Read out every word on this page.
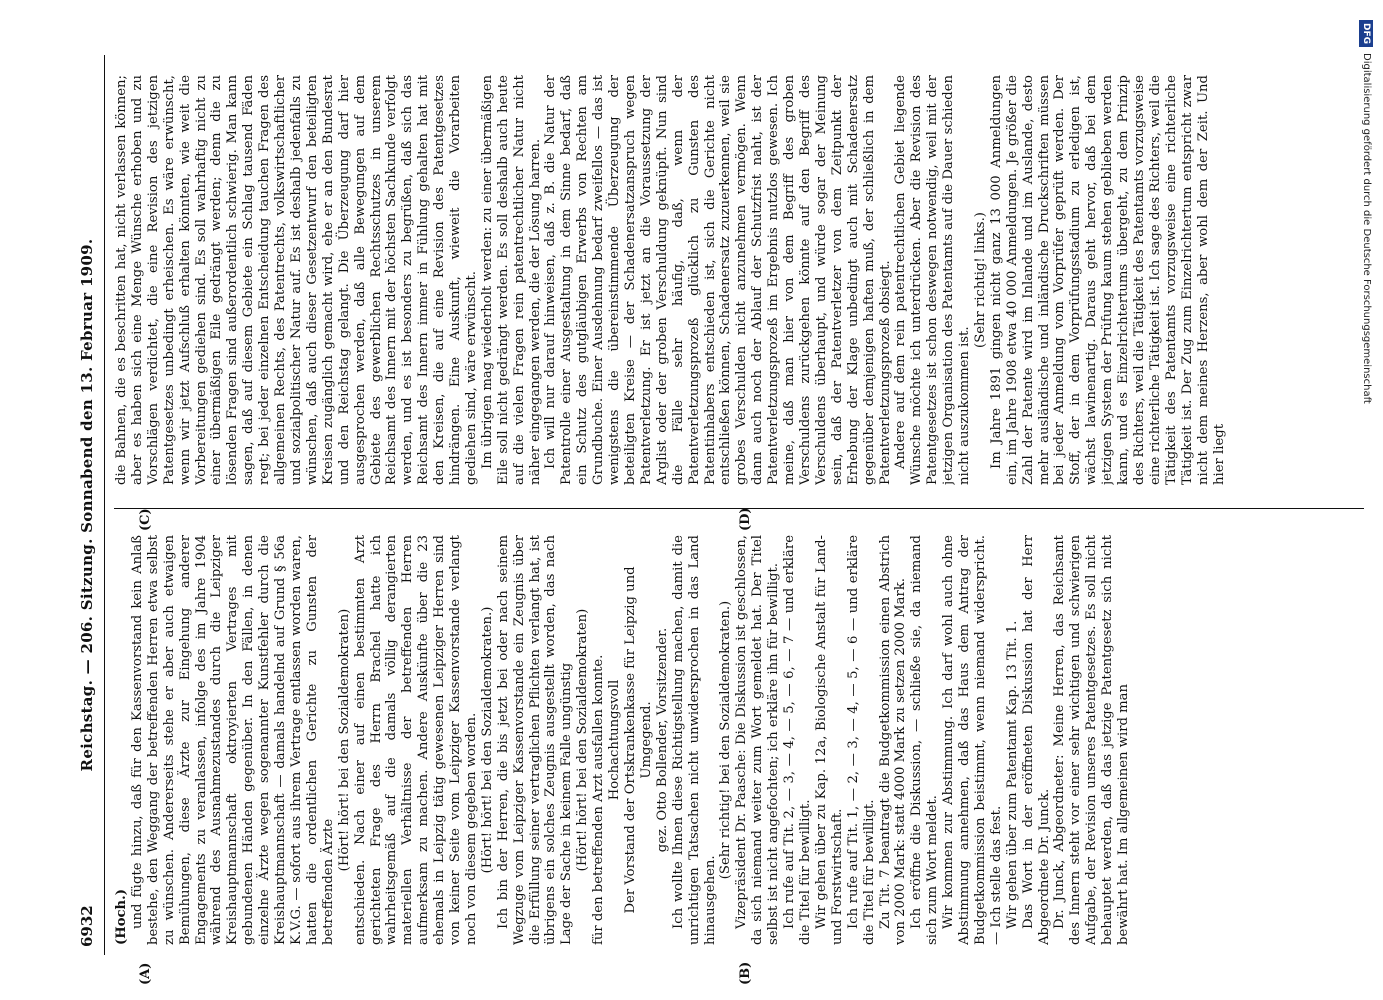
6932
Reichstag. — 206. Sitzung. Sonnabend den 13. Februar 1909.
(A)	(B)
(C)	(D)

(Hoch.) und fügte hinzu, daß für den Kassenvorstand kein Anlaß bestehe, den Weggang der betreffenden Herren etwa selbst zu wünschen. Andererseits stehe er aber auch etwaigen Bemühungen, diese Ärzte zur Eingehung anderer Engagements zu veranlassen, infolge des im Jahre 1904 während des Ausnahmezustandes durch die Leipziger Kreishauptmannschaft oktroyierten Vertrages mit gebundenen Händen gegenüber. In den Fällen, in denen einzelne Ärzte wegen sogenannter Kunstfehler durch die Kreishauptmannschaft — damals handelnd auf Grund § 56a K.V.G. — sofort aus ihrem Vertrage entlassen worden waren, hatten die ordentlichen Gerichte zu Gunsten der betreffenden Ärzte

(Hört! hört! bei den Sozialdemokraten) entschieden. Nach einer auf einen bestimmten Arzt gerichteten Frage des Herrn Brachel hatte ich wahrheitsgemäß auf die damals völlig derangierten materiellen Verhältnisse der betreffenden Herren aufmerksam zu machen. Andere Auskünfte über die 23 ehemals in Leipzig tätig gewesenen Leipziger Herren sind von keiner Seite vom Leipziger Kassenvorstande verlangt noch von diesem gegeben worden. (Hört! hört! bei den Sozialdemokraten.) Ich bin der Herren, die bis jetzt bei oder nach seinem Wegzuge vom Leipziger Kassenvorstande ein Zeugnis über die Erfüllung seiner vertraglichen Pflichten verlangt hat, ist übrigens ein solches Zeugnis ausgestellt worden, das nach Lage der Sache in keinem Falle ungünstig (Hört! hört! bei den Sozialdemokraten) für den betreffenden Arzt ausfallen konnte. Hochachtungsvoll Der Vorstand der Ortskrankenkasse für Leipzig und Umgegend. gez. Otto Bollender, Vorsitzender. Ich wollte Ihnen diese Richtigstellung machen, damit die unrichtigen Tatsachen nicht unwidersprochen in das Land hinausgehen.

(Sehr richtig! bei den Sozialdemokraten.) Vizepräsident Dr. Paasche: Die Diskussion ist geschlossen, da sich niemand weiter zum Wort gemeldet hat. Der Titel selbst ist nicht angefochten; ich erkläre ihn für bewilligt. Ich rufe auf Tit. 2, — 3, — 4, — 5, — 6, — 7 — und erkläre die Titel für bewilligt. Wir gehen über zu Kap. 12a, Biologische Anstalt für Land- und Forstwirtschaft. Ich rufe auf Tit. 1, — 2, — 3, — 4, — 5, — 6 — und erkläre die Titel für bewilligt. Zu Tit. 7 beantragt die Budgetkommission einen Abstrich von 2000 Mark: statt 4000 Mark zu setzen 2000 Mark. Ich eröffne die Diskussion, — schließe sie, da niemand sich zum Wort meldet. Wir kommen zur Abstimmung. Ich darf wohl auch ohne Abstimmung annehmen, daß das Haus dem Antrag der Budgetkommission beistimmt, wenn niemand widerspricht. — Ich stelle das fest. Wir gehen über zum Patentamt Kap. 13 Tit. 1. Das Wort in der eröffneten Diskussion hat der Herr Abgeordnete Dr. Junck. Dr. Junck, Abgeordneter: Meine Herren, das Reichsamt des Innern steht vor einer sehr wichtigen und schwierigen Aufgabe, der Revision unseres Patentgesetzes. Es soll nicht behauptet werden, daß das jetzige Patentgesetz sich nicht bewährt hat. Im allgemeinen wird man

die Bahnen, die es beschritten hat, nicht verlassen können; aber es haben sich eine Menge Wünsche erhoben und zu Vorschlägen verdichtet, die eine Revision des jetzigen Patentgesetzes unbedingt erheischen. Es wäre erwünscht, wenn wir jetzt Aufschluß erhalten könnten, wie weit die Vorbereitungen gediehen sind. Es soll wahrhaftig nicht zu einer übermäßigen Eile gedrängt werden; denn die zu lösenden Fragen sind außerordentlich schwierig. Man kann sagen, daß auf diesem Gebiete ein Schlag tausend Fäden regt; bei jeder einzelnen Entscheidung tauchen Fragen des allgemeinen Rechts, des Patentrechts, volkswirtschaftlicher und sozialpolitischer Natur auf. Es ist deshalb jedenfalls zu wünschen, daß auch dieser Gesetzentwurf den beteiligten Kreisen zugänglich gemacht wird, ehe er an den Bundesrat und den Reichstag gelangt. Die Überzeugung darf hier ausgesprochen werden, daß alle Bewegungen auf dem Gebiete des gewerblichen Rechtsschutzes in unserem Reichsamt des Innern mit der höchsten Sachkunde verfolgt werden, und es ist besonders zu begrüßen, daß sich das Reichsamt des Innern immer in Fühlung gehalten hat mit den Kreisen, die auf eine Revision des Patentgesetzes hindrängen. Eine Auskunft, wieweit die Vorarbeiten gediehen sind, wäre erwünscht. Im übrigen mag wiederholt werden: zu einer übermäßigen Eile soll nicht gedrängt werden. Es soll deshalb auch heute auf die vielen Fragen rein patentrechtlicher Natur nicht näher eingegangen werden, die der Lösung harren. Ich will nur darauf hinweisen, daß z. B. die Natur der Patentrolle einer Ausgestaltung in dem Sinne bedarf, daß ein Schutz des gutgläubigen Erwerbs von Rechten am Grundbuche. Einer Ausdehnung bedarf zweifellos — das ist wenigstens die übereinstimmende Überzeugung der beteiligten Kreise — der Schadenersatzanspruch wegen Patentverletzung. Er ist jetzt an die Voraussetzung der Arglist oder der groben Verschuldung geknüpft. Nun sind die Fälle sehr häufig, daß, wenn der Patentverletzungsprozeß glücklich zu Gunsten des Patentinhabers entschieden ist, sich die Gerichte nicht entschließen können, Schadenersatz zuzuerkennen, weil sie grobes Verschulden nicht anzunehmen vermögen. Wenn dann auch noch der Ablauf der Schutzfrist naht, ist der Patentverletzungsprozeß im Ergebnis nutzlos gewesen. Ich meine, daß man hier von dem Begriff des groben Verschuldens zurückgehen könnte auf den Begriff des Verschuldens überhaupt, und würde sogar der Meinung sein, daß der Patentverletzer von dem Zeitpunkt der Erhebung der Klage unbedingt auch mit Schadenersatz gegenüber demjenigen haften muß, der schließlich in dem Patentverletzungsprozeß obsiegt. Andere auf dem rein patentrechtlichen Gebiet liegende Wünsche möchte ich unterdrücken. Aber die Revision des Patentgesetzes ist schon deswegen notwendig, weil mit der jetzigen Organisation des Patentamts auf die Dauer schieden nicht auszukommen ist.

(Sehr richtig! links.) Im Jahre 1891 gingen nicht ganz 13 000 Anmeldungen ein, im Jahre 1908 etwa 40 000 Anmeldungen. Je größer die Zahl der Patente wird im Inlande und im Auslande, desto mehr ausländische und inländische Druckschriften müssen bei jeder Anmeldung vom Vorprüfer geprüft werden. Der Stoff, der in dem Vorprüfungsstadium zu erledigen ist, wächst lawinenartig. Daraus geht hervor, daß bei dem jetzigen System der Prüfung kaum stehen geblieben werden kann, und es Einzelrichtertums übergeht, zu dem Prinzip des Richters, weil die Tätigkeit des Patentamts vorzugsweise eine richterliche Tätigkeit ist. Ich sage des Richters, weil die Tätigkeit des Patentamts vorzugsweise eine richterliche Tätigkeit ist. Der Zug zum Einzelrichtertum entspricht zwar nicht dem meines Herzens, aber wohl dem der Zeit. Und hier liegt

DFGDigitalisierung gefördert durch die Deutsche Forschungsgemeinschaft
